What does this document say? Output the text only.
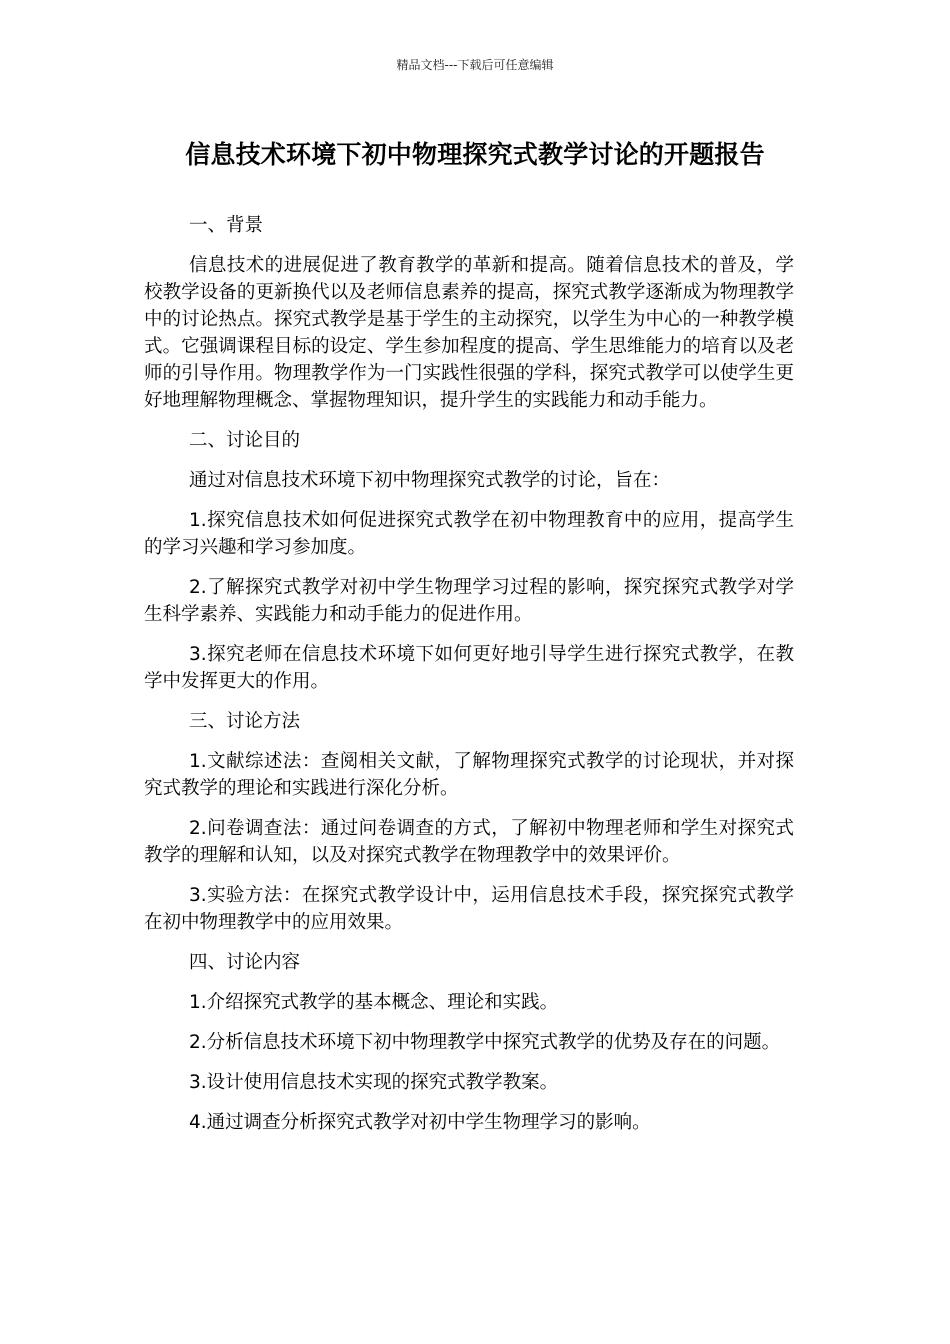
精品文档---下载后可任意编辑
信息技术环境下初中物理探究式教学讨论的开题报告
一、背景
信息技术的进展促进了教育教学的革新和提高。随着信息技术的普及，学校教学设备的更新换代以及老师信息素养的提高，探究式教学逐渐成为物理教学中的讨论热点。探究式教学是基于学生的主动探究，以学生为中心的一种教学模式。它强调课程目标的设定、学生参加程度的提高、学生思维能力的培育以及老师的引导作用。物理教学作为一门实践性很强的学科，探究式教学可以使学生更好地理解物理概念、掌握物理知识，提升学生的实践能力和动手能力。
二、讨论目的
通过对信息技术环境下初中物理探究式教学的讨论，旨在：
1.探究信息技术如何促进探究式教学在初中物理教育中的应用，提高学生的学习兴趣和学习参加度。
2.了解探究式教学对初中学生物理学习过程的影响，探究探究式教学对学生科学素养、实践能力和动手能力的促进作用。
3.探究老师在信息技术环境下如何更好地引导学生进行探究式教学，在教学中发挥更大的作用。
三、讨论方法
1.文献综述法：查阅相关文献，了解物理探究式教学的讨论现状，并对探究式教学的理论和实践进行深化分析。
2.问卷调查法：通过问卷调查的方式，了解初中物理老师和学生对探究式教学的理解和认知，以及对探究式教学在物理教学中的效果评价。
3.实验方法：在探究式教学设计中，运用信息技术手段，探究探究式教学在初中物理教学中的应用效果。
四、讨论内容
1.介绍探究式教学的基本概念、理论和实践。
2.分析信息技术环境下初中物理教学中探究式教学的优势及存在的问题。
3.设计使用信息技术实现的探究式教学教案。
4.通过调查分析探究式教学对初中学生物理学习的影响。
